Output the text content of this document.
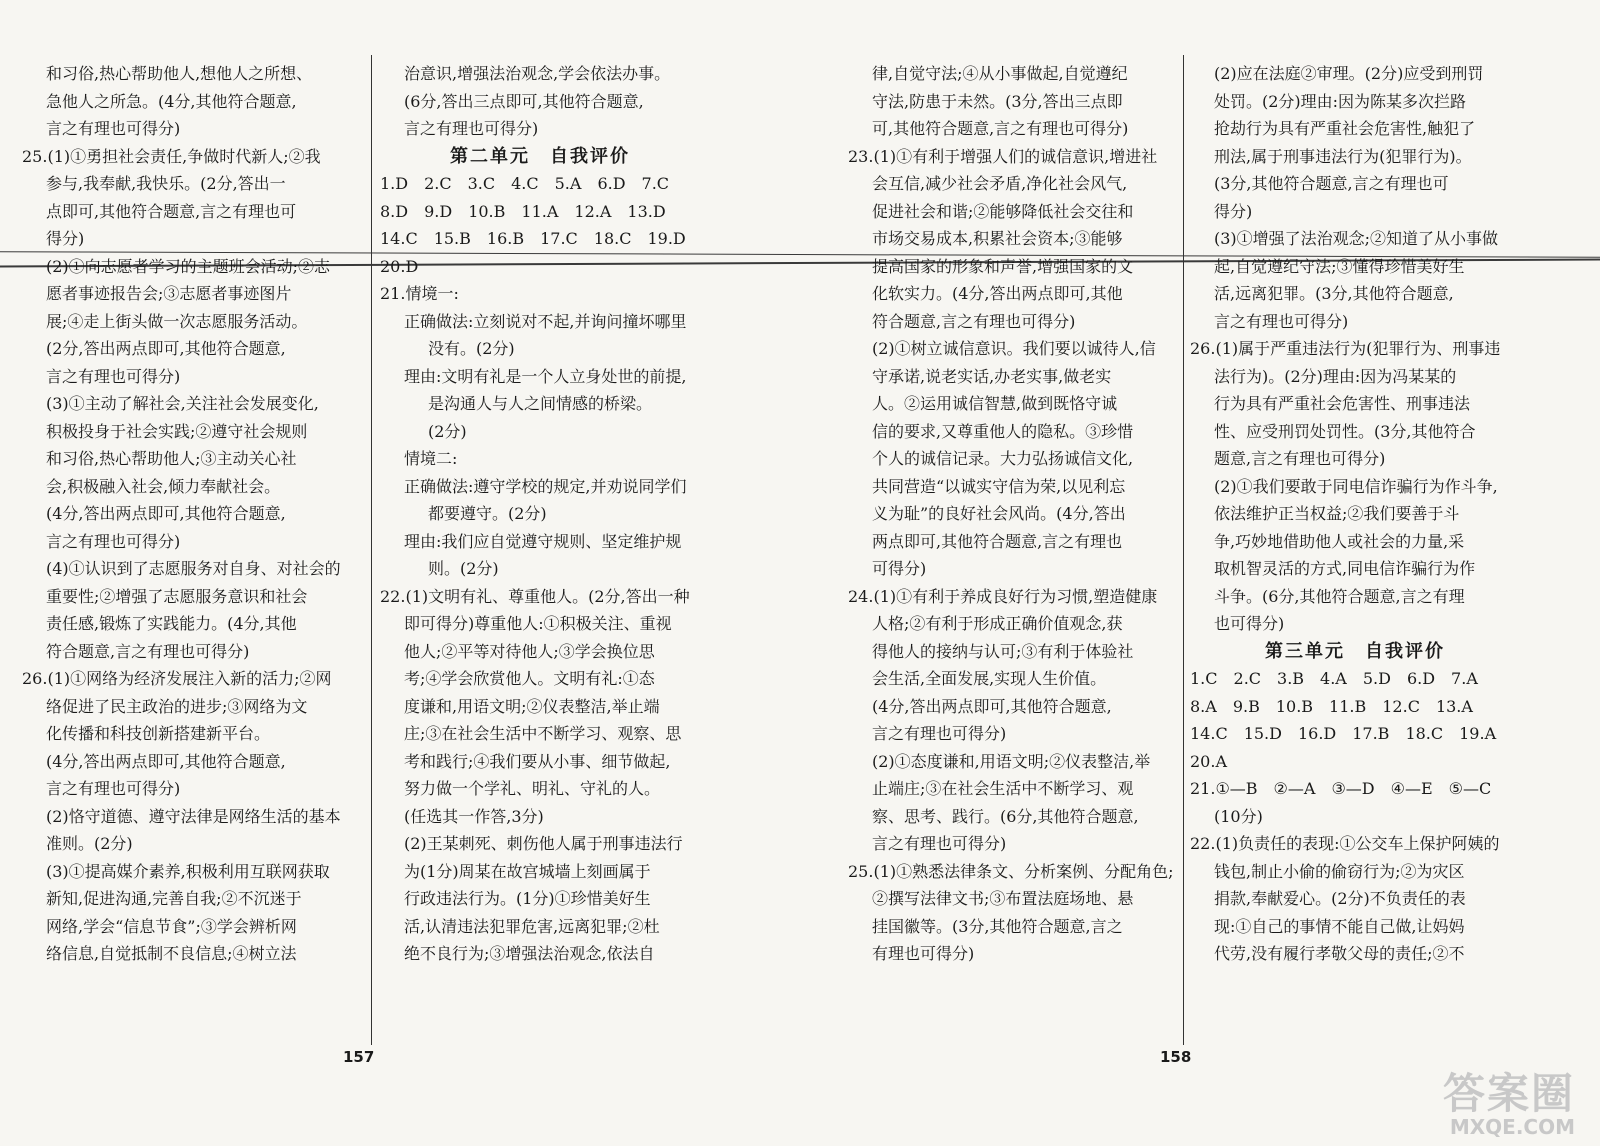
和习俗,热心帮助他人,想他人之所想、

急他人之所急。(4分,其他符合题意,

言之有理也可得分)

25.(1)①勇担社会责任,争做时代新人;②我

参与,我奉献,我快乐。(2分,答出一

点即可,其他符合题意,言之有理也可

得分)

(2)①向志愿者学习的主题班会活动;②志

愿者事迹报告会;③志愿者事迹图片

展;④走上街头做一次志愿服务活动。

(2分,答出两点即可,其他符合题意,

言之有理也可得分)

(3)①主动了解社会,关注社会发展变化,

积极投身于社会实践;②遵守社会规则

和习俗,热心帮助他人;③主动关心社

会,积极融入社会,倾力奉献社会。

(4分,答出两点即可,其他符合题意,

言之有理也可得分)

(4)①认识到了志愿服务对自身、对社会的

重要性;②增强了志愿服务意识和社会

责任感,锻炼了实践能力。(4分,其他

符合题意,言之有理也可得分)

26.(1)①网络为经济发展注入新的活力;②网

络促进了民主政治的进步;③网络为文

化传播和科技创新搭建新平台。

(4分,答出两点即可,其他符合题意,

言之有理也可得分)

(2)恪守道德、遵守法律是网络生活的基本

准则。(2分)

(3)①提高媒介素养,积极利用互联网获取

新知,促进沟通,完善自我;②不沉迷于

网络,学会“信息节食”;③学会辨析网

络信息,自觉抵制不良信息;④树立法

治意识,增强法治观念,学会依法办事。

(6分,答出三点即可,其他符合题意,

言之有理也可得分)

第二单元　自我评价

1.D　2.C　3.C　4.C　5.A　6.D　7.C

8.D　9.D　10.B　11.A　12.A　13.D

14.C　15.B　16.B　17.C　18.C　19.D

20.D

21.情境一:

正确做法:立刻说对不起,并询问撞坏哪里

没有。(2分)

理由:文明有礼是一个人立身处世的前提,

是沟通人与人之间情感的桥梁。

(2分)

情境二:

正确做法:遵守学校的规定,并劝说同学们

都要遵守。(2分)

理由:我们应自觉遵守规则、坚定维护规

则。(2分)

22.(1)文明有礼、尊重他人。(2分,答出一种

即可得分)尊重他人:①积极关注、重视

他人;②平等对待他人;③学会换位思

考;④学会欣赏他人。文明有礼:①态

度谦和,用语文明;②仪表整洁,举止端

庄;③在社会生活中不断学习、观察、思

考和践行;④我们要从小事、细节做起,

努力做一个学礼、明礼、守礼的人。

(任选其一作答,3分)

(2)王某刺死、刺伤他人属于刑事违法行

为(1分)周某在故宫城墙上刻画属于

行政违法行为。(1分)①珍惜美好生

活,认清违法犯罪危害,远离犯罪;②杜

绝不良行为;③增强法治观念,依法自

律,自觉守法;④从小事做起,自觉遵纪

守法,防患于未然。(3分,答出三点即

可,其他符合题意,言之有理也可得分)

23.(1)①有利于增强人们的诚信意识,增进社

会互信,减少社会矛盾,净化社会风气,

促进社会和谐;②能够降低社会交往和

市场交易成本,积累社会资本;③能够

提高国家的形象和声誉,增强国家的文

化软实力。(4分,答出两点即可,其他

符合题意,言之有理也可得分)

(2)①树立诚信意识。我们要以诚待人,信

守承诺,说老实话,办老实事,做老实

人。②运用诚信智慧,做到既恪守诚

信的要求,又尊重他人的隐私。③珍惜

个人的诚信记录。大力弘扬诚信文化,

共同营造“以诚实守信为荣,以见利忘

义为耻”的良好社会风尚。(4分,答出

两点即可,其他符合题意,言之有理也

可得分)

24.(1)①有利于养成良好行为习惯,塑造健康

人格;②有利于形成正确价值观念,获

得他人的接纳与认可;③有利于体验社

会生活,全面发展,实现人生价值。

(4分,答出两点即可,其他符合题意,

言之有理也可得分)

(2)①态度谦和,用语文明;②仪表整洁,举

止端庄;③在社会生活中不断学习、观

察、思考、践行。(6分,其他符合题意,

言之有理也可得分)

25.(1)①熟悉法律条文、分析案例、分配角色;

②撰写法律文书;③布置法庭场地、悬

挂国徽等。(3分,其他符合题意,言之

有理也可得分)

(2)应在法庭②审理。(2分)应受到刑罚

处罚。(2分)理由:因为陈某多次拦路

抢劫行为具有严重社会危害性,触犯了

刑法,属于刑事违法行为(犯罪行为)。

(3分,其他符合题意,言之有理也可

得分)

(3)①增强了法治观念;②知道了从小事做

起,自觉遵纪守法;③懂得珍惜美好生

活,远离犯罪。(3分,其他符合题意,

言之有理也可得分)

26.(1)属于严重违法行为(犯罪行为、刑事违

法行为)。(2分)理由:因为冯某某的

行为具有严重社会危害性、刑事违法

性、应受刑罚处罚性。(3分,其他符合

题意,言之有理也可得分)

(2)①我们要敢于同电信诈骗行为作斗争,

依法维护正当权益;②我们要善于斗

争,巧妙地借助他人或社会的力量,采

取机智灵活的方式,同电信诈骗行为作

斗争。(6分,其他符合题意,言之有理

也可得分)

第三单元　自我评价

1.C　2.C　3.B　4.A　5.D　6.D　7.A

8.A　9.B　10.B　11.B　12.C　13.A

14.C　15.D　16.D　17.B　18.C　19.A

20.A

21.①—B　②—A　③—D　④—E　⑤—C

(10分)

22.(1)负责任的表现:①公交车上保护阿姨的

钱包,制止小偷的偷窃行为;②为灾区

捐款,奉献爱心。(2分)不负责任的表

现:①自己的事情不能自己做,让妈妈

代劳,没有履行孝敬父母的责任;②不

157	158
答案圈
MXQE.COM
